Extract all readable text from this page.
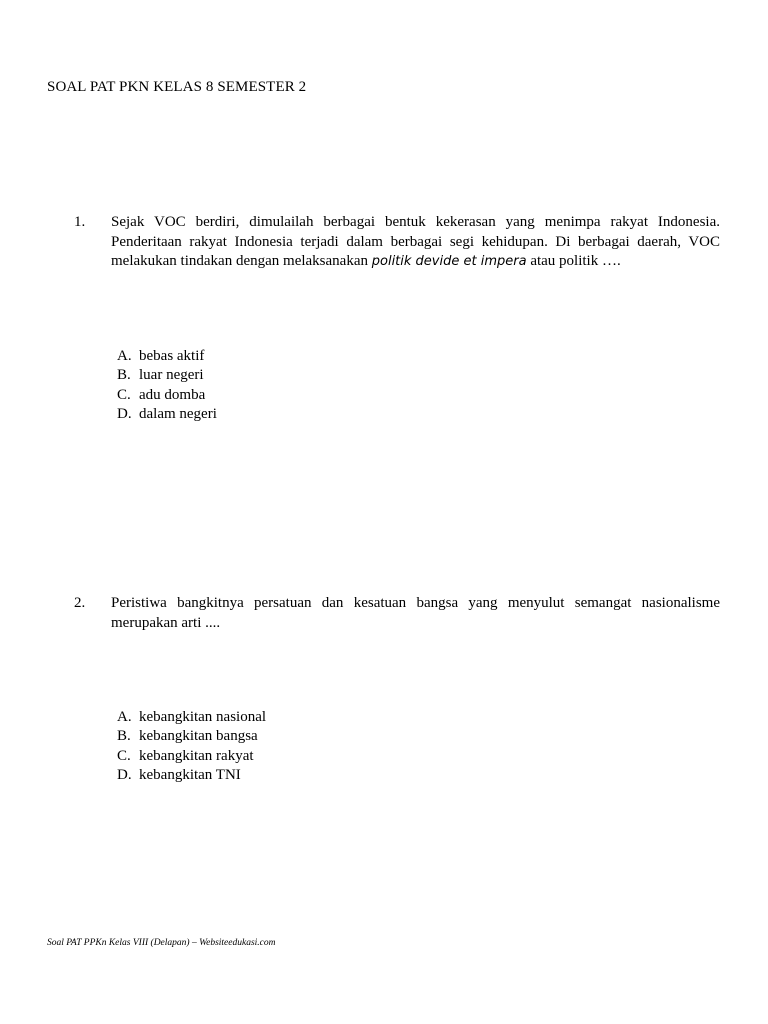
SOAL PAT PKN KELAS 8 SEMESTER 2
1. Sejak VOC berdiri, dimulailah berbagai bentuk kekerasan yang menimpa rakyat Indonesia. Penderitaan rakyat Indonesia terjadi dalam berbagai segi kehidupan. Di berbagai daerah, VOC melakukan tindakan dengan melaksanakan politik devide et impera atau politik ….
A. bebas aktif
B. luar negeri
C. adu domba
D. dalam negeri
2. Peristiwa bangkitnya persatuan dan kesatuan bangsa yang menyulut semangat nasionalisme merupakan arti ....
A. kebangkitan nasional
B. kebangkitan bangsa
C. kebangkitan rakyat
D. kebangkitan TNI
Soal PAT PPKn Kelas VIII (Delapan) – Websiteedukasi.com
